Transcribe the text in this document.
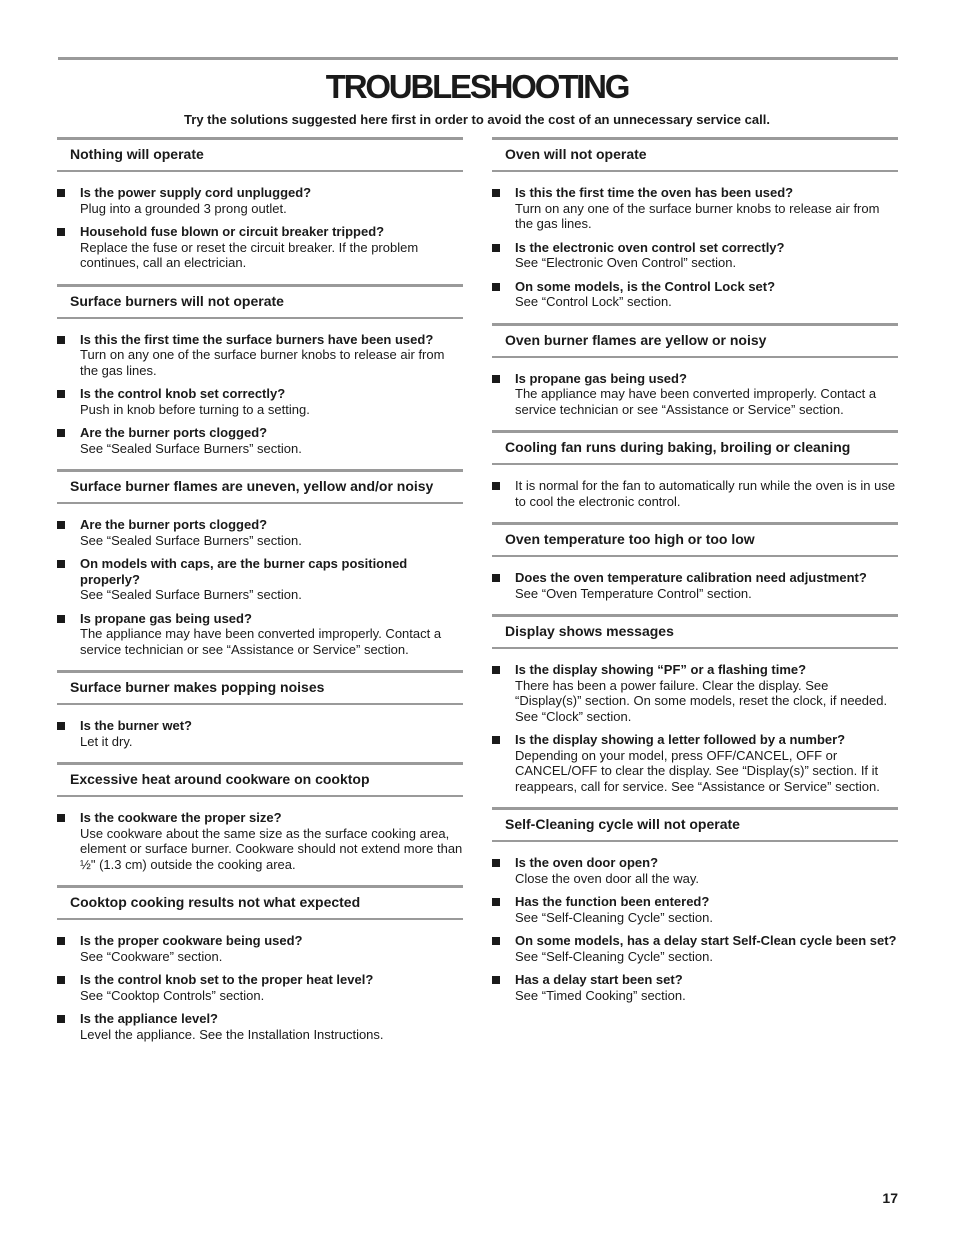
TROUBLESHOOTING

Try the solutions suggested here first in order to avoid the cost of an unnecessary service call.

Nothing will operate
Is the power supply cord unplugged?
Plug into a grounded 3 prong outlet.
Household fuse blown or circuit breaker tripped?
Replace the fuse or reset the circuit breaker. If the problem continues, call an electrician.
Surface burners will not operate
Is this the first time the surface burners have been used?
Turn on any one of the surface burner knobs to release air from the gas lines.
Is the control knob set correctly?
Push in knob before turning to a setting.
Are the burner ports clogged?
See “Sealed Surface Burners” section.
Surface burner flames are uneven, yellow and/or noisy
Are the burner ports clogged?
See “Sealed Surface Burners” section.
On models with caps, are the burner caps positioned properly?
See “Sealed Surface Burners” section.
Is propane gas being used?
The appliance may have been converted improperly. Contact a service technician or see “Assistance or Service” section.
Surface burner makes popping noises
Is the burner wet?
Let it dry.
Excessive heat around cookware on cooktop
Is the cookware the proper size?
Use cookware about the same size as the surface cooking area, element or surface burner. Cookware should not extend more than ½" (1.3 cm) outside the cooking area.
Cooktop cooking results not what expected
Is the proper cookware being used?
See “Cookware” section.
Is the control knob set to the proper heat level?
See “Cooktop Controls” section.
Is the appliance level?
Level the appliance. See the Installation Instructions.
Oven will not operate
Is this the first time the oven has been used?
Turn on any one of the surface burner knobs to release air from the gas lines.
Is the electronic oven control set correctly?
See “Electronic Oven Control” section.
On some models, is the Control Lock set?
See “Control Lock” section.
Oven burner flames are yellow or noisy
Is propane gas being used?
The appliance may have been converted improperly. Contact a service technician or see “Assistance or Service” section.
Cooling fan runs during baking, broiling or cleaning
It is normal for the fan to automatically run while the oven is in use to cool the electronic control.
Oven temperature too high or too low
Does the oven temperature calibration need adjustment?
See “Oven Temperature Control” section.
Display shows messages
Is the display showing “PF” or a flashing time?
There has been a power failure. Clear the display. See “Display(s)” section. On some models, reset the clock, if needed. See “Clock” section.
Is the display showing a letter followed by a number?
Depending on your model, press OFF/CANCEL, OFF or CANCEL/OFF to clear the display. See “Display(s)” section. If it reappears, call for service. See “Assistance or Service” section.
Self-Cleaning cycle will not operate
Is the oven door open?
Close the oven door all the way.
Has the function been entered?
See “Self-Cleaning Cycle” section.
On some models, has a delay start Self-Clean cycle been set?
See “Self-Cleaning Cycle” section.
Has a delay start been set?
See “Timed Cooking” section.
17
